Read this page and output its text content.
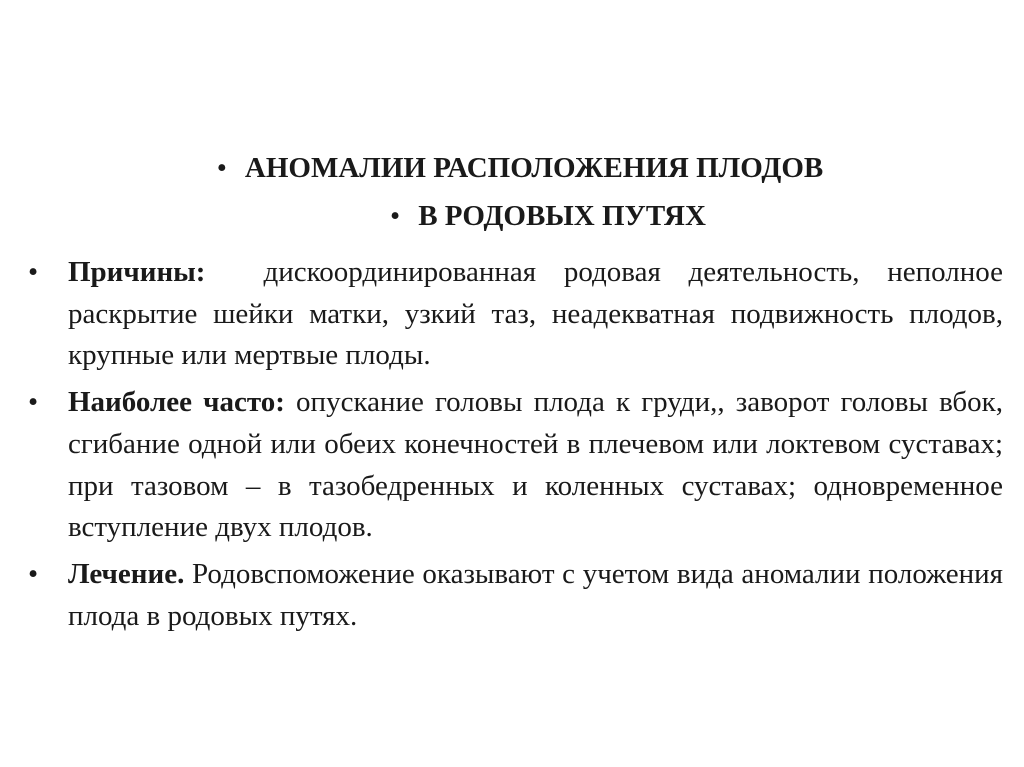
• АНОМАЛИИ РАСПОЛОЖЕНИЯ ПЛОДОВ
• В РОДОВЫХ ПУТЯХ
• Причины: дискоординированная родовая деятельность, неполное раскрытие шейки матки, узкий таз, неадекватная подвижность плодов, крупные или мертвые плоды.
• Наиболее часто: опускание головы плода к груди,, заворот головы вбок, сгибание одной или обеих конечностей в плечевом или локтевом суставах; при тазовом – в тазобедренных и коленных суставах; одновременное вступление двух плодов.
• Лечение. Родовспоможение оказывают с учетом вида аномалии положения плода в родовых путях.
